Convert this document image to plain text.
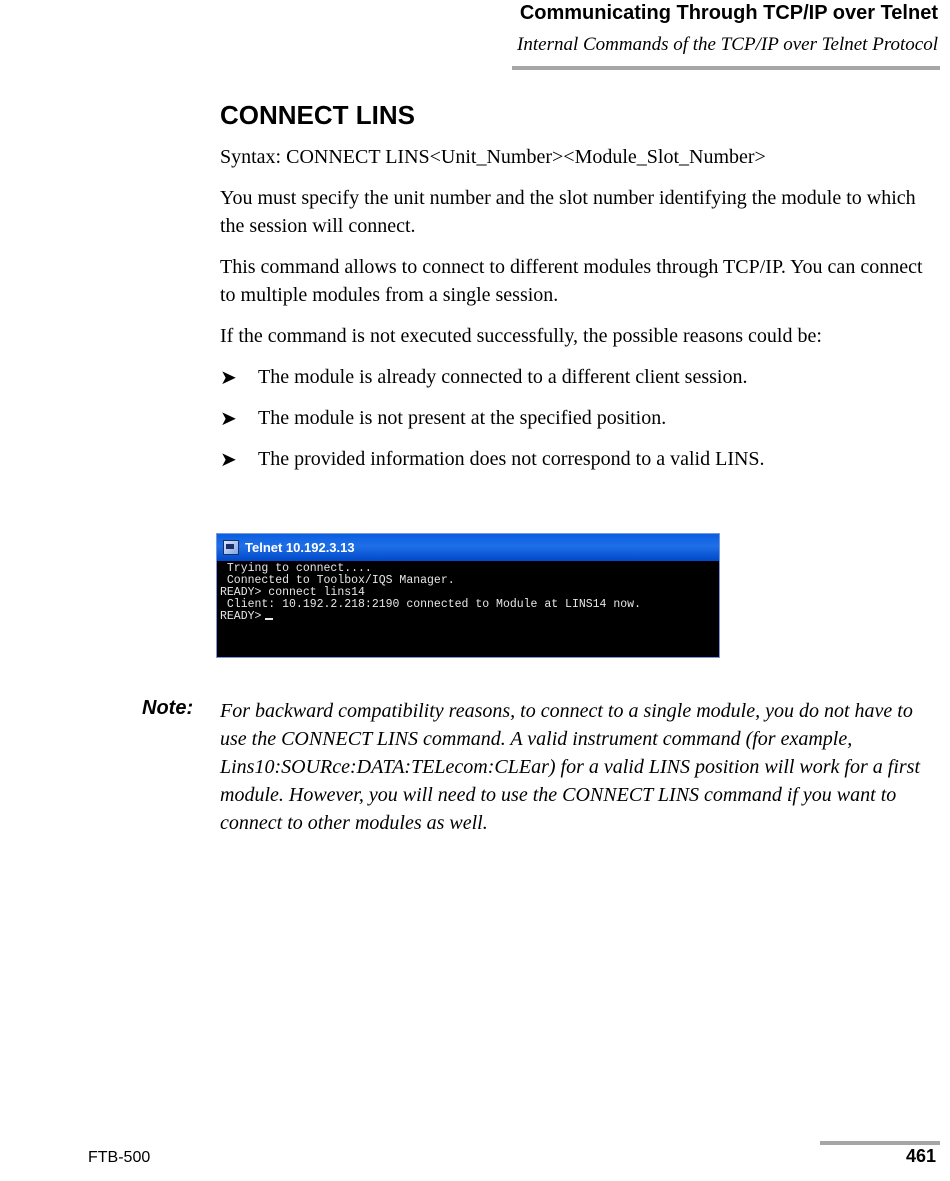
Communicating Through TCP/IP over Telnet
Internal Commands of the TCP/IP over Telnet Protocol
CONNECT LINS

Syntax: CONNECT LINS<Unit_Number><Module_Slot_Number>

You must specify the unit number and the slot number identifying the module to which the session will connect.

This command allows to connect to different modules through TCP/IP. You can connect to multiple modules from a single session.

If the command is not executed successfully, the possible reasons could be:

➤ The module is already connected to a different client session.
➤ The module is not present at the specified position.
➤ The provided information does not correspond to a valid LINS.
Telnet 10.192.3.13
Trying to connect....
Connected to Toolbox/IQS Manager.
READY> connect lins14
Client: 10.192.2.218:2190 connected to Module at LINS14 now.
READY>
Note: For backward compatibility reasons, to connect to a single module, you do not have to use the CONNECT LINS command. A valid instrument command (for example, Lins10:SOURce:DATA:TELecom:CLEar) for a valid LINS position will work for a first module. However, you will need to use the CONNECT LINS command if you want to connect to other modules as well.

FTB-500	461
